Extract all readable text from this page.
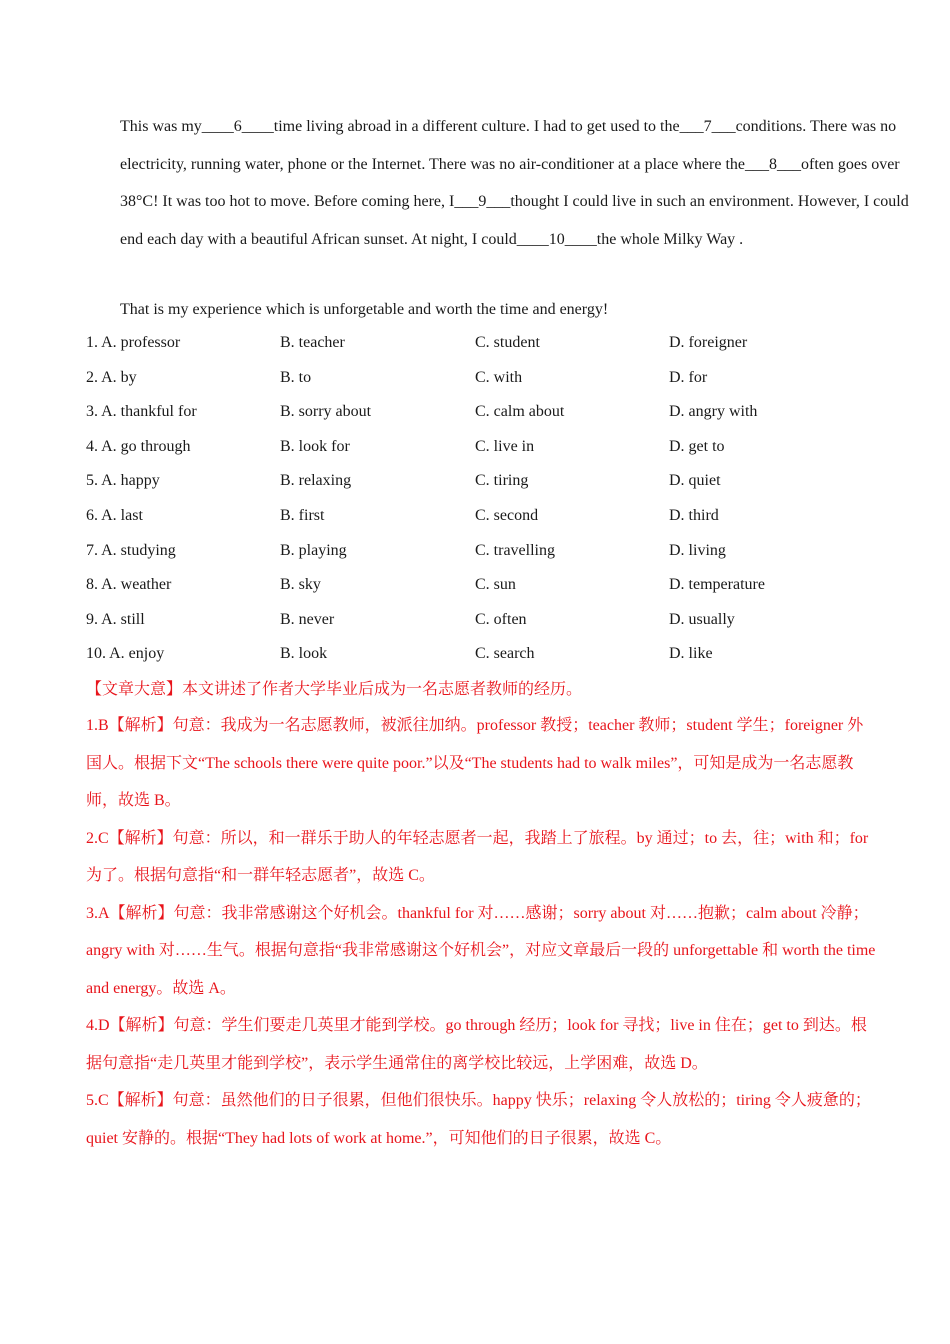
This was my____6____time living abroad in a different culture. I had to get used to the___7___conditions. There was no electricity, running water, phone or the Internet. There was no air-conditioner at a place where the___8___often goes over 38°C! It was too hot to move. Before coming here, I___9___thought I could live in such an environment. However, I could end each day with a beautiful African sunset. At night, I could____10____the whole Milky Way .

That is my experience which is unforgetable and worth the time and energy!

1. A. professor	B. teacher	C. student	D. foreigner
2. A. by	B. to	C. with	D. for
3. A. thankful for	B. sorry about	C. calm about	D. angry with
4. A. go through	B. look for	C. live in	D. get to
5. A. happy	B. relaxing	C. tiring	D. quiet
6. A. last	B. first	C. second	D. third
7. A. studying	B. playing	C. travelling	D. living
8. A. weather	B. sky	C. sun	D. temperature
9. A. still	B. never	C. often	D. usually
10. A. enjoy	B. look	C. search	D. like

【文章大意】本文讲述了作者大学毕业后成为一名志愿者教师的经历。

1.B【解析】句意：我成为一名志愿教师，被派往加纳。professor 教授；teacher 教师；student 学生；foreigner 外国人。根据下文“The schools there were quite poor.”以及“The students had to walk miles”，可知是成为一名志愿教师，故选 B。

2.C【解析】句意：所以，和一群乐于助人的年轻志愿者一起，我踏上了旅程。by 通过；to 去，往；with 和；for 为了。根据句意指“和一群年轻志愿者”，故选 C。

3.A【解析】句意：我非常感谢这个好机会。thankful for 对……感谢；sorry about 对……抱歉；calm about 冷静；angry with 对……生气。根据句意指“我非常感谢这个好机会”，对应文章最后一段的 unforgettable 和 worth the time and energy。故选 A。

4.D【解析】句意：学生们要走几英里才能到学校。go through 经历；look for 寻找；live in 住在；get to 到达。根据句意指“走几英里才能到学校”，表示学生通常住的离学校比较远，上学困难，故选 D。

5.C【解析】句意：虽然他们的日子很累，但他们很快乐。happy 快乐；relaxing 令人放松的；tiring 令人疲惫的；quiet 安静的。根据“They had lots of work at home.”，可知他们的日子很累，故选 C。
